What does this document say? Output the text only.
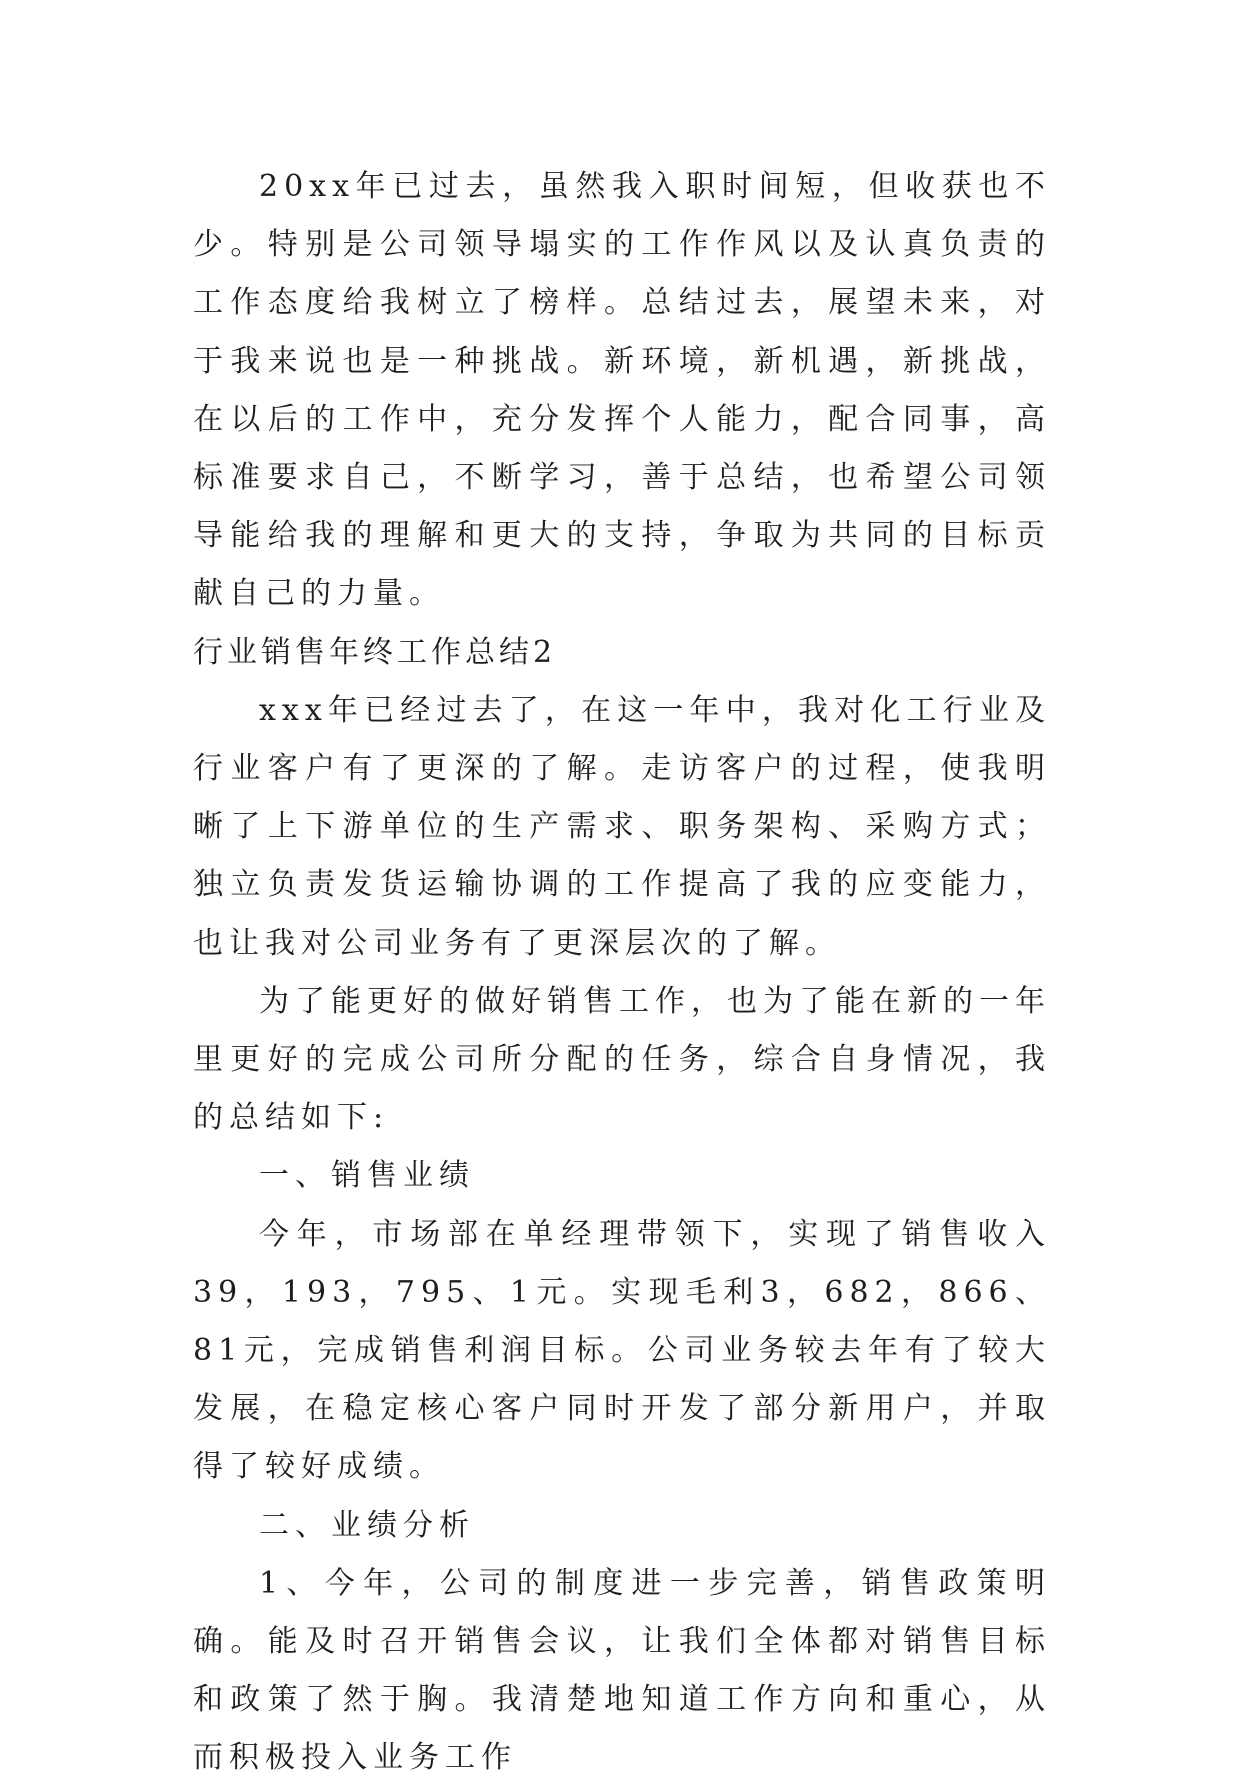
20xx年已过去，虽然我入职时间短，但收获也不少。特别是公司领导塌实的工作作风以及认真负责的工作态度给我树立了榜样。总结过去，展望未来，对于我来说也是一种挑战。新环境，新机遇，新挑战，在以后的工作中，充分发挥个人能力，配合同事，高标准要求自己，不断学习，善于总结，也希望公司领导能给我的理解和更大的支持，争取为共同的目标贡献自己的力量。

行业销售年终工作总结2

xxx年已经过去了，在这一年中，我对化工行业及行业客户有了更深的了解。走访客户的过程，使我明晰了上下游单位的生产需求、职务架构、采购方式；独立负责发货运输协调的工作提高了我的应变能力，也让我对公司业务有了更深层次的了解。

为了能更好的做好销售工作，也为了能在新的一年里更好的完成公司所分配的任务，综合自身情况，我的总结如下:

一、销售业绩

今年，市场部在单经理带领下，实现了销售收入39，193，795、1元。实现毛利3，682，866、81元，完成销售利润目标。公司业务较去年有了较大发展，在稳定核心客户同时开发了部分新用户，并取得了较好成绩。

二、业绩分析

1、今年，公司的制度进一步完善，销售政策明确。能及时召开销售会议，让我们全体都对销售目标和政策了然于胸。我清楚地知道工作方向和重心，从而积极投入业务工作
